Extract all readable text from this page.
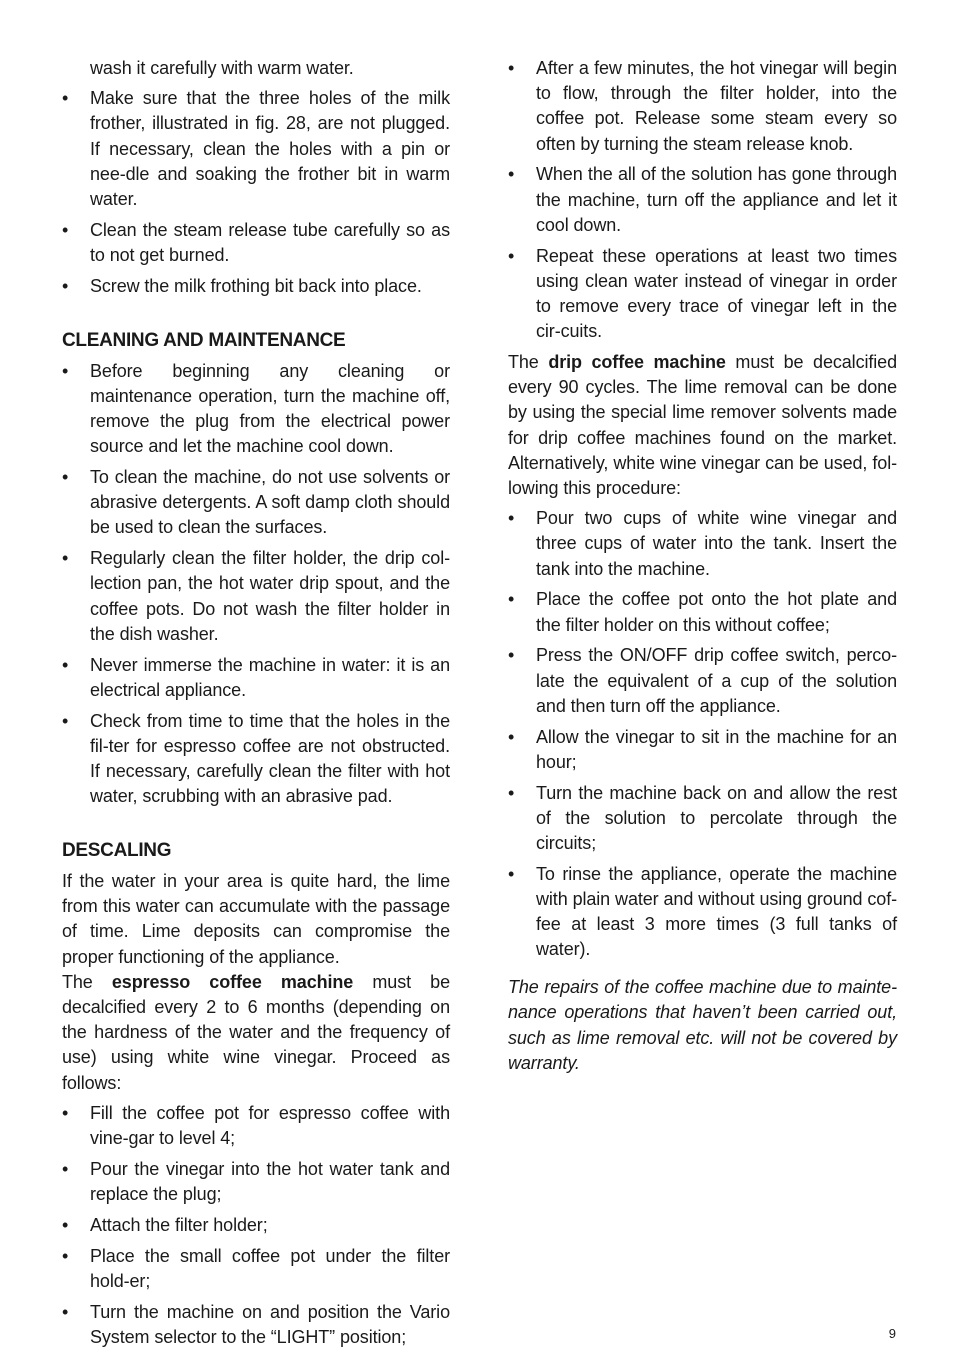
wash it carefully with warm water.

• Make sure that the three holes of the milk frother, illustrated in fig. 28, are not plugged. If necessary, clean the holes with a pin or nee-dle and soaking the frother bit in warm water.
• Clean the steam release tube carefully so as to not get burned.
• Screw the milk frothing bit back into place.
CLEANING AND MAINTENANCE
• Before beginning any cleaning or maintenance operation, turn the machine off, remove the plug from the electrical power source and let the machine cool down.
• To clean the machine, do not use solvents or abrasive detergents. A soft damp cloth should be used to clean the surfaces.
• Regularly clean the filter holder, the drip col-lection pan, the hot water drip spout, and the coffee pots. Do not wash the filter holder in the dish washer.
• Never immerse the machine in water: it is an electrical appliance.
• Check from time to time that the holes in the fil-ter for espresso coffee are not obstructed. If necessary, carefully clean the filter with hot water, scrubbing with an abrasive pad.
DESCALING

If the water in your area is quite hard, the lime from this water can accumulate with the passage of time. Lime deposits can compromise the proper functioning of the appliance.

The espresso coffee machine must be decalcified every 2 to 6 months (depending on the hardness of the water and the frequency of use) using white wine vinegar. Proceed as follows:

• Fill the coffee pot for espresso coffee with vine-gar to level 4;
• Pour the vinegar into the hot water tank and replace the plug;
• Attach the filter holder;
• Place the small coffee pot under the filter hold-er;
• Turn the machine on and position the Vario System selector to the “LIGHT” position;
• After a few minutes, the hot vinegar will begin to flow, through the filter holder, into the coffee pot. Release some steam every so often by turning the steam release knob.
• When the all of the solution has gone through the machine, turn off the appliance and let it cool down.
• Repeat these operations at least two times using clean water instead of vinegar in order to remove every trace of vinegar left in the cir-cuits.

The drip coffee machine must be decalcified every 90 cycles. The lime removal can be done by using the special lime remover solvents made for drip coffee machines found on the market. Alternatively, white wine vinegar can be used, fol-lowing this procedure:

• Pour two cups of white wine vinegar and three cups of water into the tank. Insert the tank into the machine.
• Place the coffee pot onto the hot plate and the filter holder on this without coffee;
• Press the ON/OFF drip coffee switch, perco-late the equivalent of a cup of the solution and then turn off the appliance.
• Allow the vinegar to sit in the machine for an hour;
• Turn the machine back on and allow the rest of the solution to percolate through the circuits;
• To rinse the appliance, operate the machine with plain water and without using ground cof-fee at least 3 more times (3 full tanks of water).

The repairs of the coffee machine due to mainte-nance operations that haven’t been carried out, such as lime removal etc. will not be covered by warranty.

9
